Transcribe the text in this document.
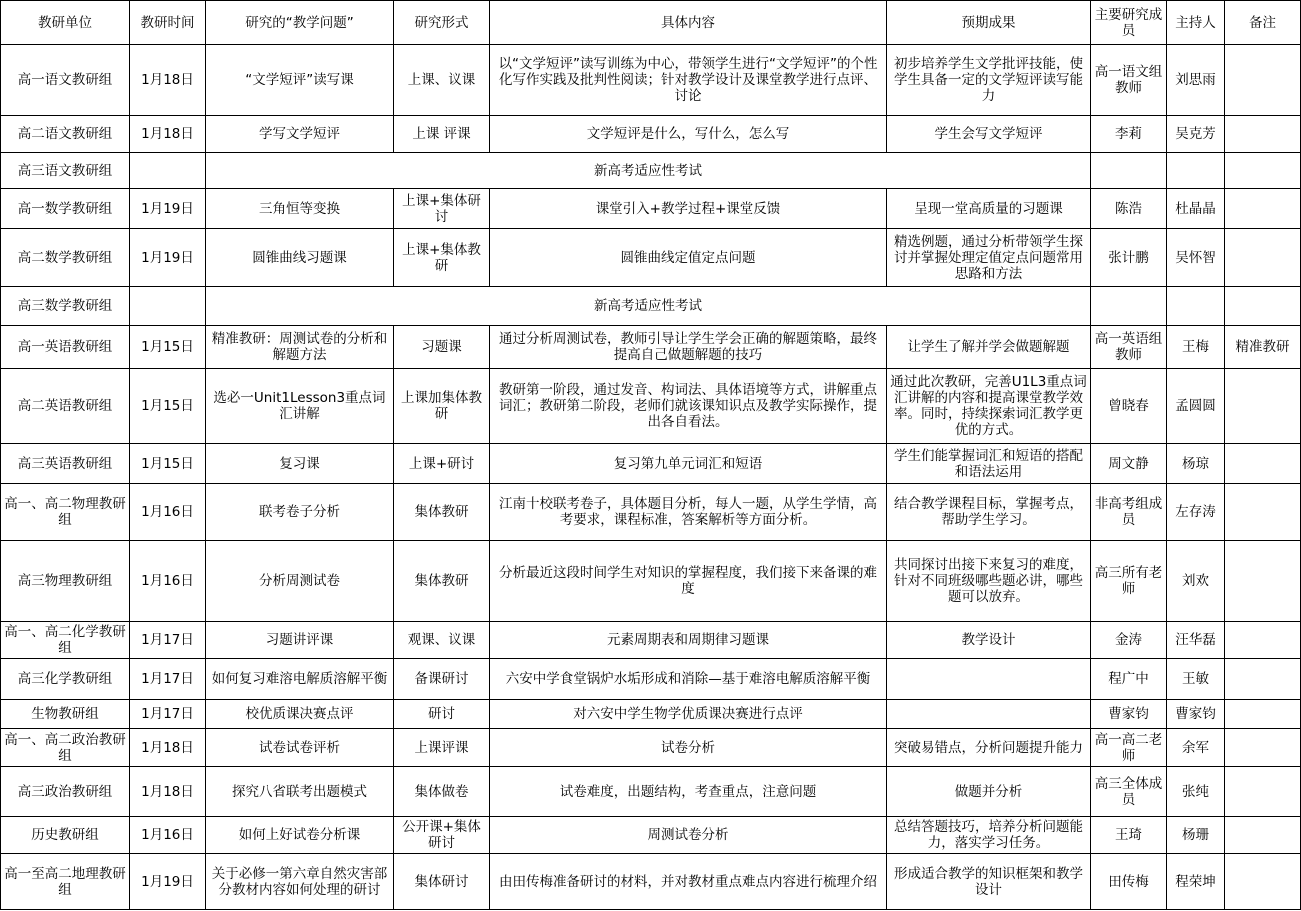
教研单位	教研时间	研究的“教学问题”	研究形式	具体内容	预期成果	主要研究成员	主持人	备注
高一语文教研组	1月18日	“文学短评”读写课	上课、议课	以“文学短评”读写训练为中心，带领学生进行“文学短评”的个性化写作实践及批判性阅读；针对教学设计及课堂教学进行点评、讨论	初步培养学生文学批评技能，使学生具备一定的文学短评读写能力	高一语文组教师	刘思雨	
高二语文教研组	1月18日	学写文学短评	上课 评课	文学短评是什么，写什么，怎么写	学生会写文学短评	李莉	吴克芳	
高三语文教研组		新高考适应性考试						
高一数学教研组	1月19日	三角恒等变换	上课+集体研讨	课堂引入+教学过程+课堂反馈	呈现一堂高质量的习题课	陈浩	杜晶晶	
高二数学教研组	1月19日	圆锥曲线习题课	上课+集体教研	圆锥曲线定值定点问题	精选例题，通过分析带领学生探讨并掌握处理定值定点问题常用思路和方法	张计鹏	吴怀智	
高三数学教研组		新高考适应性考试						
高一英语教研组	1月15日	精准教研：周测试卷的分析和解题方法	习题课	通过分析周测试卷，教师引导让学生学会正确的解题策略，最终提高自己做题解题的技巧	让学生了解并学会做题解题	高一英语组教师	王梅	精准教研
高二英语教研组	1月15日	选必一Unit1Lesson3重点词汇讲解	上课加集体教研	教研第一阶段，通过发音、构词法、具体语境等方式，讲解重点词汇；教研第二阶段，老师们就该课知识点及教学实际操作，提出各自看法。	通过此次教研，完善U1L3重点词汇讲解的内容和提高课堂教学效率。同时，持续探索词汇教学更优的方式。	曾晓春	孟圆圆	
高三英语教研组	1月15日	复习课	上课+研讨	复习第九单元词汇和短语	学生们能掌握词汇和短语的搭配和语法运用	周文静	杨琼	
高一、高二物理教研组	1月16日	联考卷子分析	集体教研	江南十校联考卷子，具体题目分析，每人一题，从学生学情，高考要求，课程标准，答案解析等方面分析。	结合教学课程目标，掌握考点，帮助学生学习。	非高考组成员	左存涛	
高三物理教研组	1月16日	分析周测试卷	集体教研	分析最近这段时间学生对知识的掌握程度，我们接下来备课的难度	共同探讨出接下来复习的难度，针对不同班级哪些题必讲，哪些题可以放弃。	高三所有老师	刘欢	
高一、高二化学教研组	1月17日	习题讲评课	观课、议课	元素周期表和周期律习题课	教学设计	金涛	汪华磊	
高三化学教研组	1月17日	如何复习难溶电解质溶解平衡	备课研讨	六安中学食堂锅炉水垢形成和消除—基于难溶电解质溶解平衡		程广中	王敏	
生物教研组	1月17日	校优质课决赛点评	研讨	对六安中学生物学优质课决赛进行点评		曹家钧	曹家钧	
高一、高二政治教研组	1月18日	试卷试卷评析	上课评课	试卷分析	突破易错点，分析问题提升能力	高一高二老师	余军	
高三政治教研组	1月18日	探究八省联考出题模式	集体做卷	试卷难度，出题结构，考查重点，注意问题	做题并分析	高三全体成员	张纯	
历史教研组	1月16日	如何上好试卷分析课	公开课+集体研讨	周测试卷分析	总结答题技巧，培养分析问题能力，落实学习任务。	王琦	杨珊	
高一至高二地理教研组	1月19日	关于必修一第六章自然灾害部分教材内容如何处理的研讨	集体研讨	由田传梅准备研讨的材料，并对教材重点难点内容进行梳理介绍	形成适合教学的知识框架和教学设计	田传梅	程荣坤	
